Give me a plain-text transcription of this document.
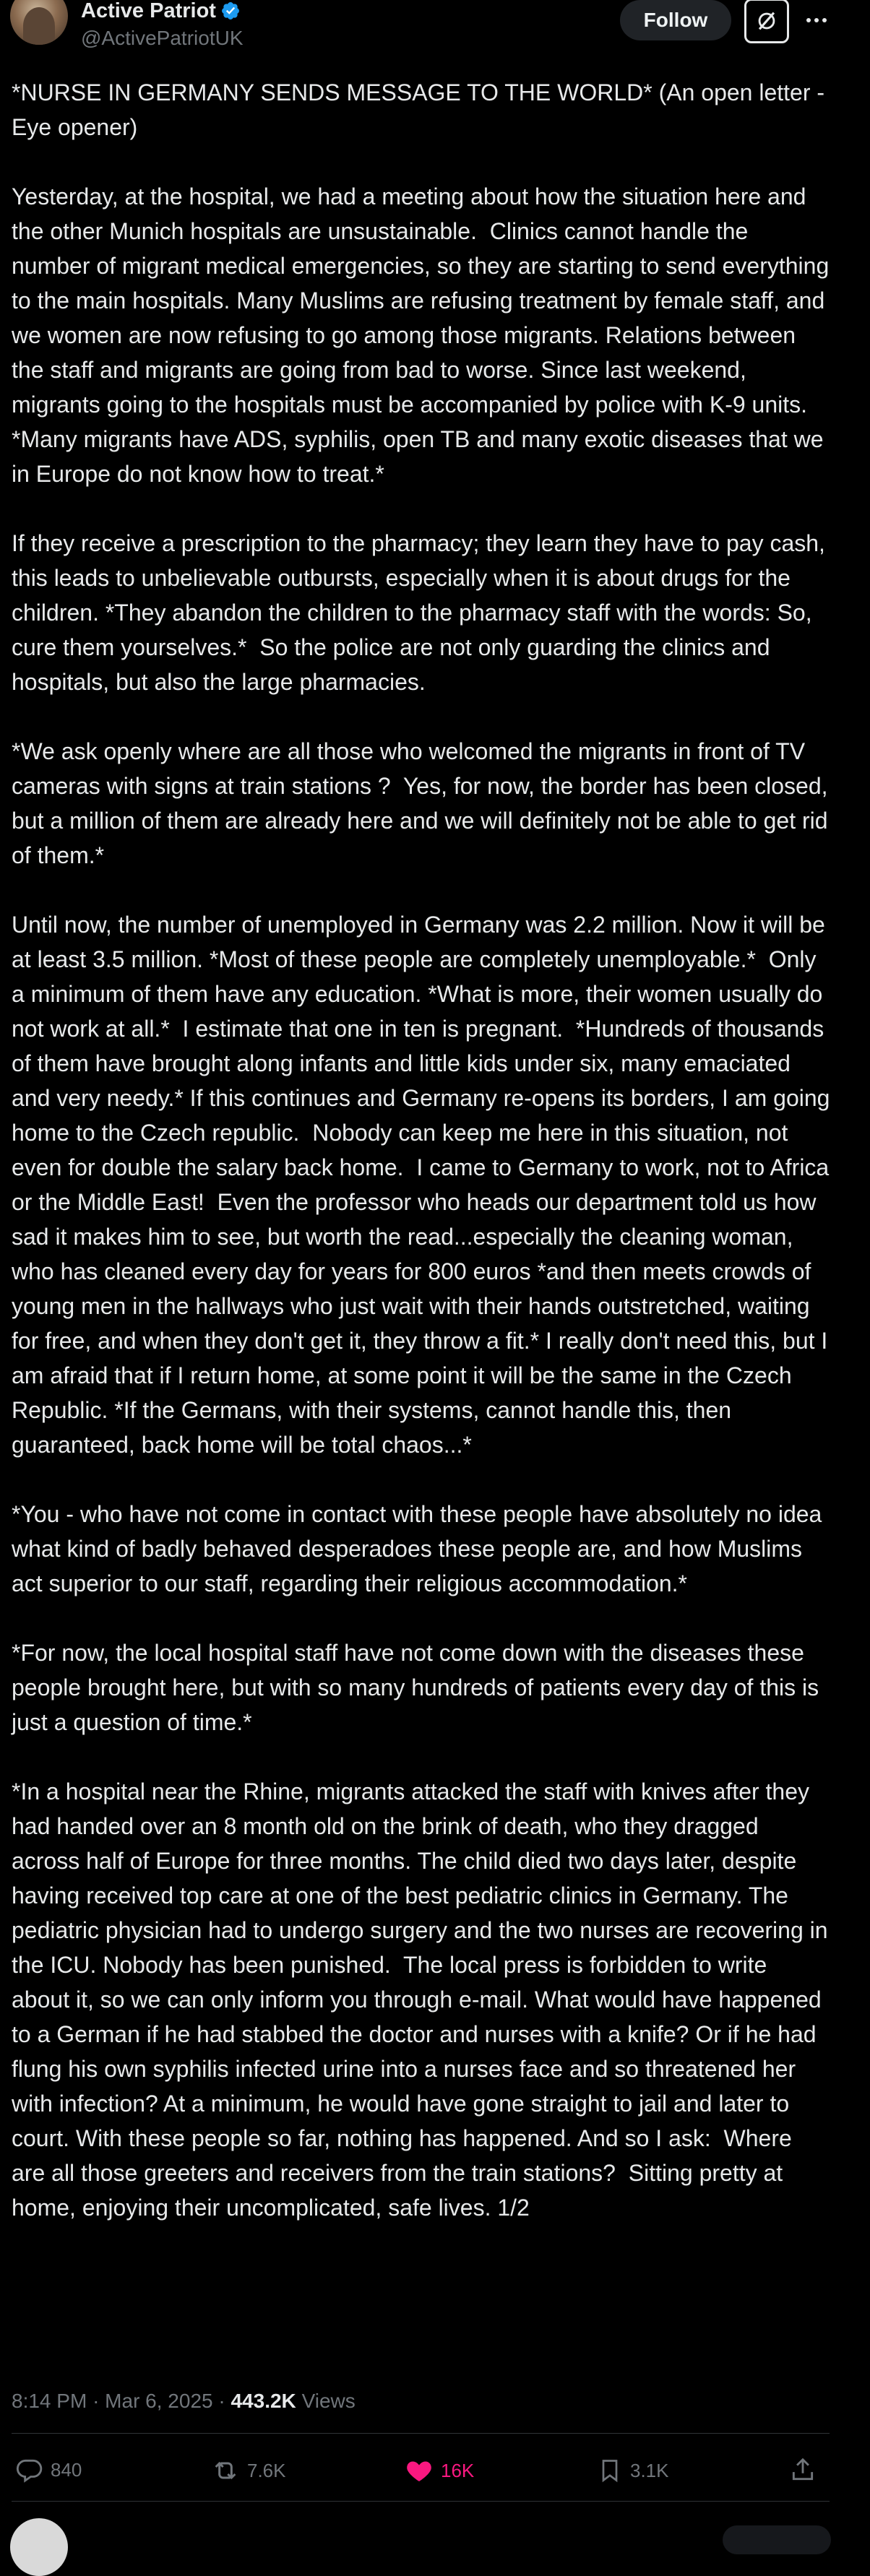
Active Patriot
@ActivePatriotUK
Follow

*NURSE IN GERMANY SENDS MESSAGE TO THE WORLD* (An open letter - Eye opener)

Yesterday, at the hospital, we had a meeting about how the situation here and the other Munich hospitals are unsustainable.  Clinics cannot handle the number of migrant medical emergencies, so they are starting to send everything to the main hospitals. Many Muslims are refusing treatment by female staff, and we women are now refusing to go among those migrants. Relations between the staff and migrants are going from bad to worse. Since last weekend, migrants going to the hospitals must be accompanied by police with K-9 units.  *Many migrants have ADS, syphilis, open TB and many exotic diseases that we in Europe do not know how to treat.*

If they receive a prescription to the pharmacy; they learn they have to pay cash, this leads to unbelievable outbursts, especially when it is about drugs for the children. *They abandon the children to the pharmacy staff with the words: So, cure them yourselves.*  So the police are not only guarding the clinics and hospitals, but also the large pharmacies.

*We ask openly where are all those who welcomed the migrants in front of TV cameras with signs at train stations ?  Yes, for now, the border has been closed, but a million of them are already here and we will definitely not be able to get rid of them.*

Until now, the number of unemployed in Germany was 2.2 million. Now it will be at least 3.5 million. *Most of these people are completely unemployable.*  Only a minimum of them have any education. *What is more, their women usually do not work at all.*  I estimate that one in ten is pregnant.  *Hundreds of thousands of them have brought along infants and little kids under six, many emaciated and very needy.* If this continues and Germany re-opens its borders, I am going home to the Czech republic.  Nobody can keep me here in this situation, not even for double the salary back home.  I came to Germany to work, not to Africa or the Middle East!  Even the professor who heads our department told us how sad it makes him to see, but worth the read...especially the cleaning woman, who has cleaned every day for years for 800 euros *and then meets crowds of young men in the hallways who just wait with their hands outstretched, waiting for free, and when they don't get it, they throw a fit.* I really don't need this, but I am afraid that if I return home, at some point it will be the same in the Czech Republic. *If the Germans, with their systems, cannot handle this, then guaranteed, back home will be total chaos...*

*You - who have not come in contact with these people have absolutely no idea what kind of badly behaved desperadoes these people are, and how Muslims act superior to our staff, regarding their religious accommodation.*

*For now, the local hospital staff have not come down with the diseases these people brought here, but with so many hundreds of patients every day of this is just a question of time.*

*In a hospital near the Rhine, migrants attacked the staff with knives after they had handed over an 8 month old on the brink of death, who they dragged across half of Europe for three months. The child died two days later, despite having received top care at one of the best pediatric clinics in Germany. The pediatric physician had to undergo surgery and the two nurses are recovering in the ICU. Nobody has been punished.  The local press is forbidden to write about it, so we can only inform you through e-mail. What would have happened to a German if he had stabbed the doctor and nurses with a knife? Or if he had flung his own syphilis infected urine into a nurses face and so threatened her with infection? At a minimum, he would have gone straight to jail and later to court. With these people so far, nothing has happened. And so I ask:  Where are all those greeters and receivers from the train stations?  Sitting pretty at home, enjoying their uncomplicated, safe lives. 1/2

8:14 PM · Mar 6, 2025 · 443.2K Views
840	7.6K	16K	3.1K
